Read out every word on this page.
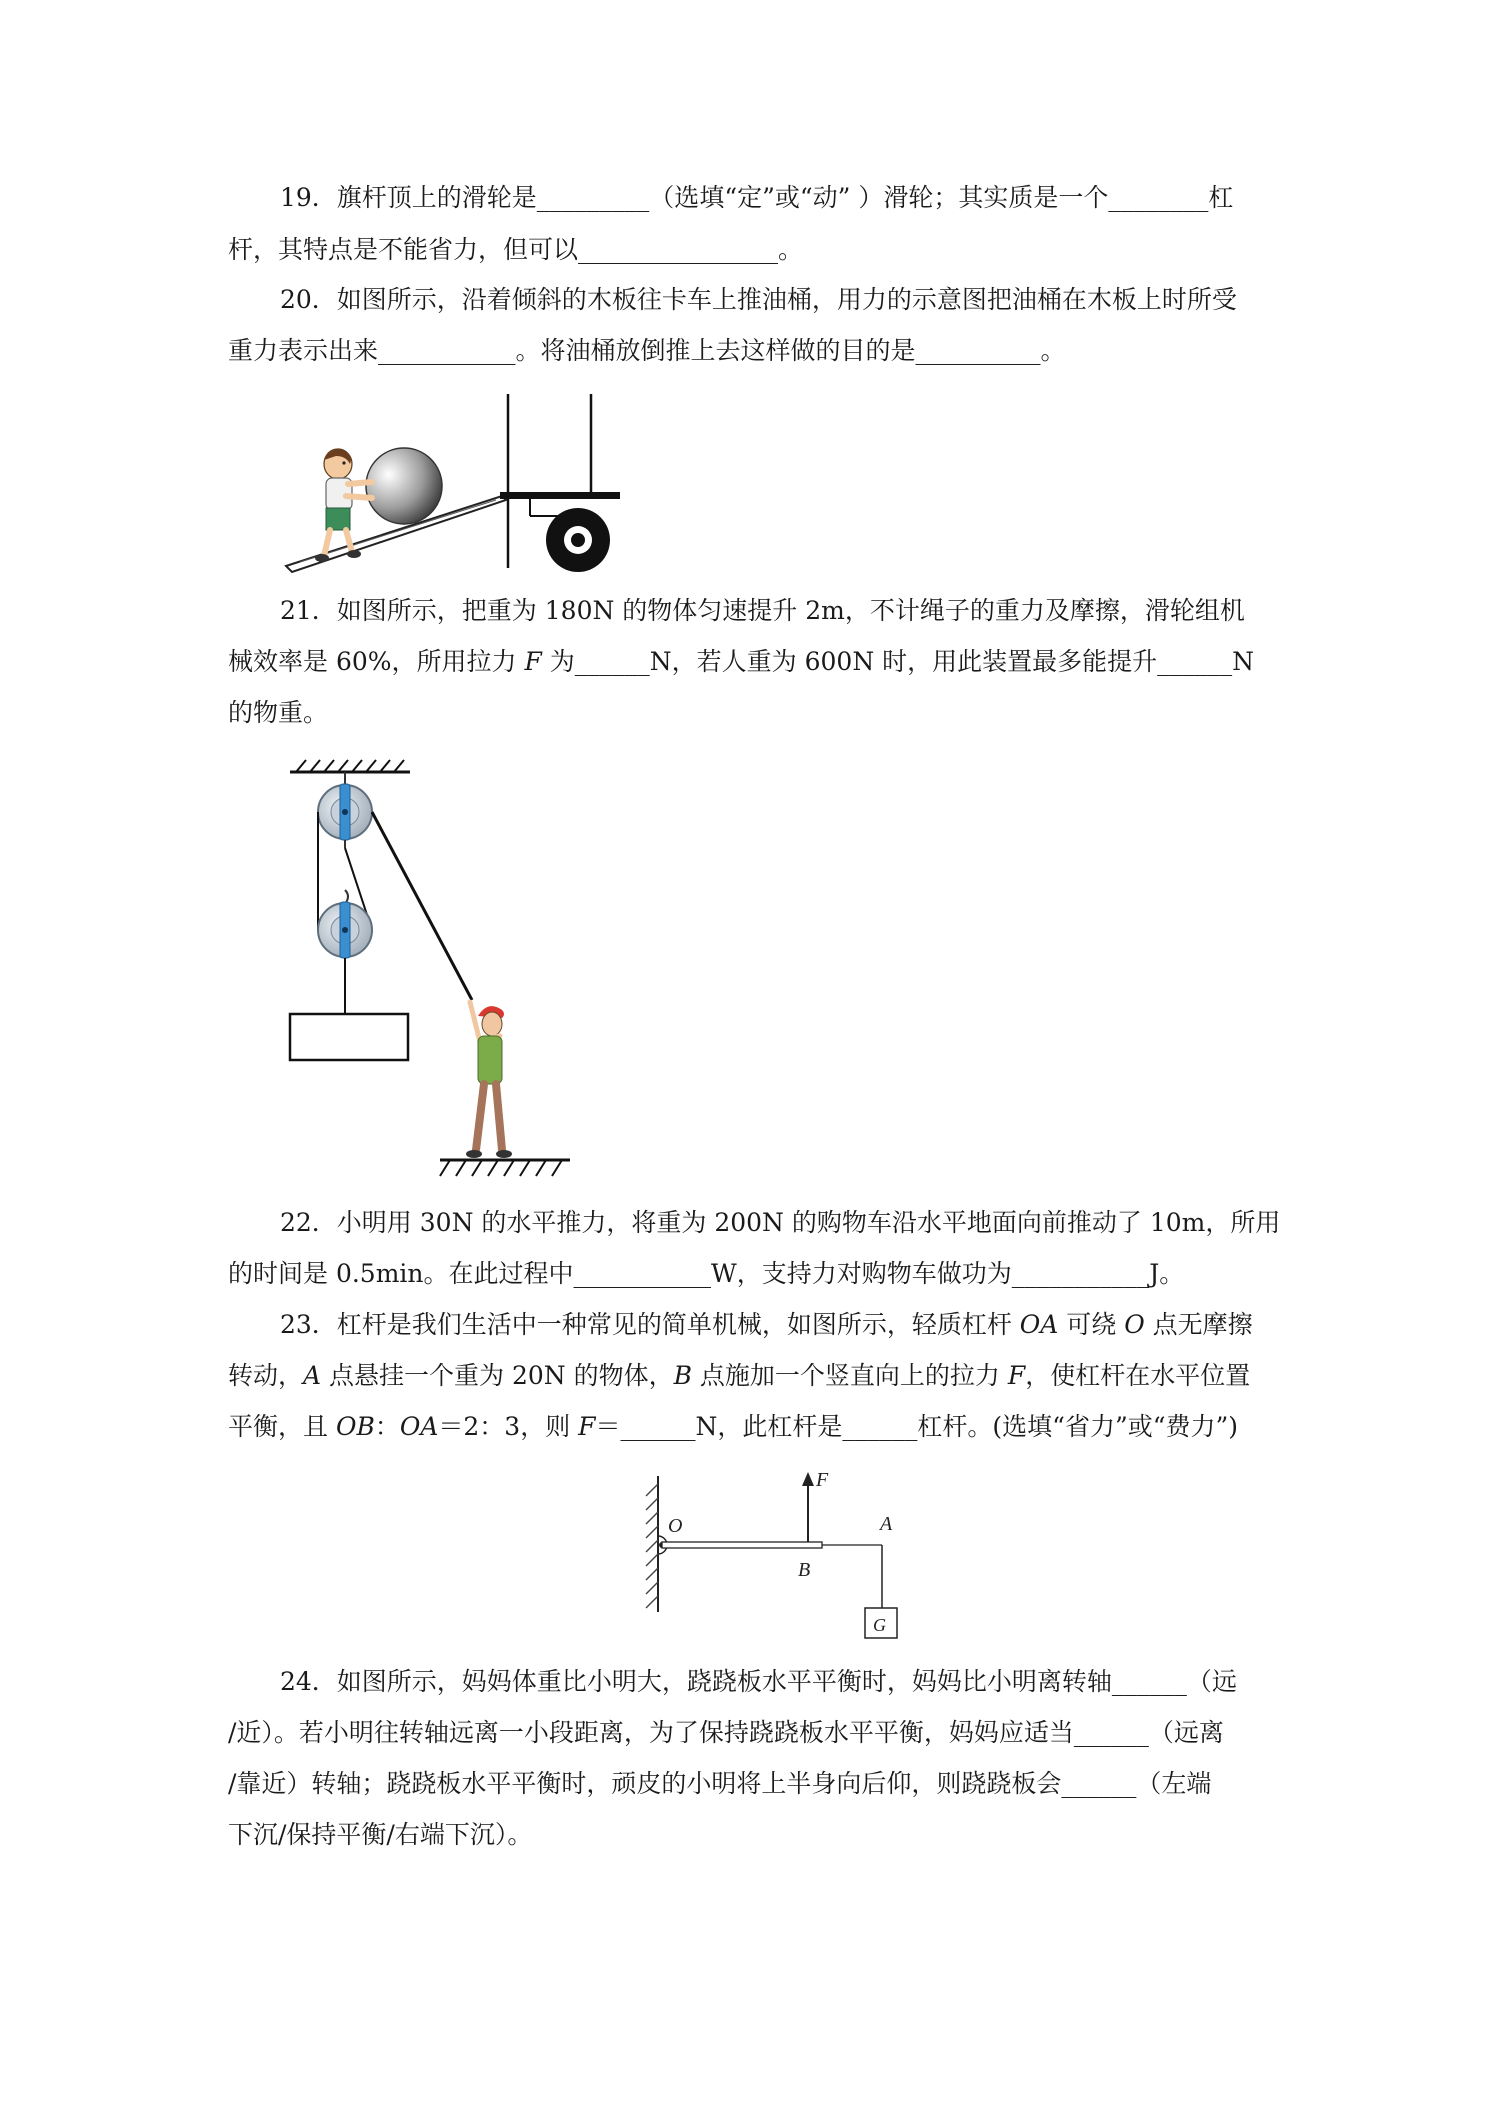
19．旗杆顶上的滑轮是_________（选填“定”或“动” ）滑轮；其实质是一个________杠
杆，其特点是不能省力，但可以________________。
20．如图所示，沿着倾斜的木板往卡车上推油桶，用力的示意图把油桶在木板上时所受
重力表示出来___________。将油桶放倒推上去这样做的目的是__________。
21．如图所示，把重为 180N 的物体匀速提升 2m，不计绳子的重力及摩擦，滑轮组机
械效率是 60%，所用拉力 F 为______N，若人重为 600N 时，用此装置最多能提升______N
的物重。
22．小明用 30N 的水平推力，将重为 200N 的购物车沿水平地面向前推动了 10m，所用
的时间是 0.5min。在此过程中___________W，支持力对购物车做功为___________J。
23．杠杆是我们生活中一种常见的简单机械，如图所示，轻质杠杆 OA 可绕 O 点无摩擦
转动，A 点悬挂一个重为 20N 的物体，B 点施加一个竖直向上的拉力 F，使杠杆在水平位置
平衡，且 OB：OA＝2：3，则 F＝______N，此杠杆是______杠杆。(选填“省力”或“费力”)
O
F
A
B
G
24．如图所示，妈妈体重比小明大，跷跷板水平平衡时，妈妈比小明离转轴______（远
/近）。若小明往转轴远离一小段距离，为了保持跷跷板水平平衡，妈妈应适当______（远离
/靠近）转轴；跷跷板水平平衡时，顽皮的小明将上半身向后仰，则跷跷板会______（左端
下沉/保持平衡/右端下沉）。
